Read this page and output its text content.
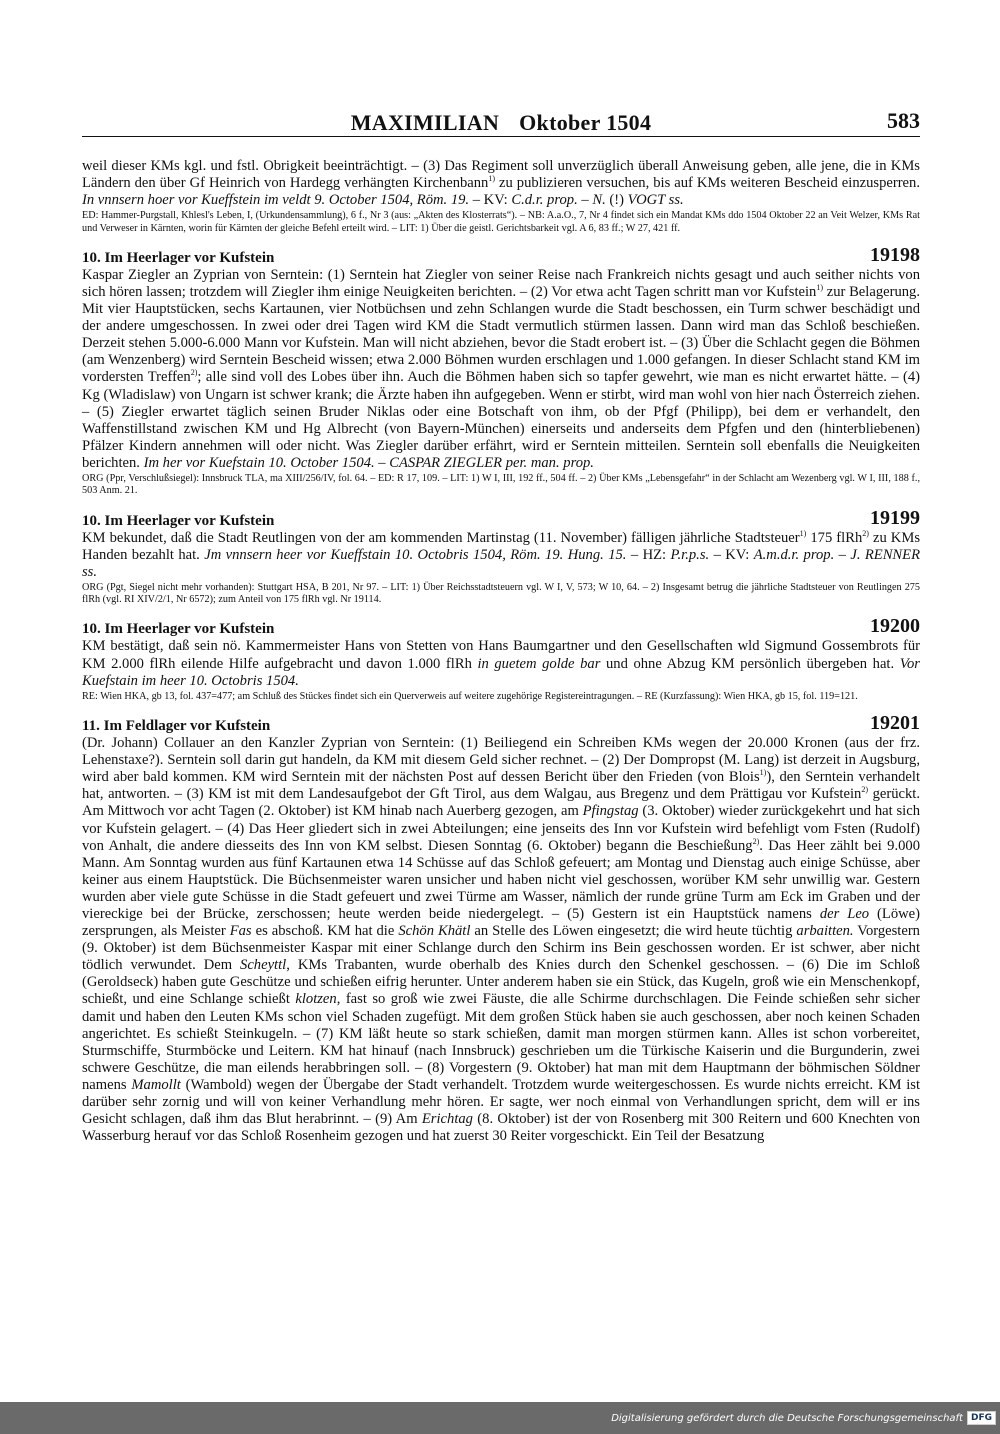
MAXIMILIAN Oktober 1504	583

weil dieser KMs kgl. und fstl. Obrigkeit beeinträchtigt. – (3) Das Regiment soll unverzüglich überall Anweisung geben, alle jene, die in KMs Ländern den über Gf Heinrich von Hardegg verhängten Kirchenbann$^{1)}$ zu publizieren versuchen, bis auf KMs weiteren Bescheid einzusperren. In vnnsern hoer vor Kueffstein im veldt 9. October 1504, Röm. 19. – KV: C.d.r. prop. – N. (!) VOGT ss.

ED: Hammer-Purgstall, Khlesl's Leben, I, (Urkundensammlung), 6 f., Nr 3 (aus: „Akten des Klosterrats“). – NB: A.a.O., 7, Nr 4 findet sich ein Mandat KMs ddo 1504 Oktober 22 an Veit Welzer, KMs Rat und Verweser in Kärnten, worin für Kärnten der gleiche Befehl erteilt wird. – LIT: 1) Über die geistl. Gerichtsbarkeit vgl. A 6, 83 ff.; W 27, 421 ff.

10. Im Heerlager vor Kufstein	19198

Kaspar Ziegler an Zyprian von Serntein: (1) Serntein hat Ziegler von seiner Reise nach Frankreich nichts gesagt und auch seither nichts von sich hören lassen; trotzdem will Ziegler ihm einige Neuigkeiten berichten. – (2) Vor etwa acht Tagen schritt man vor Kufstein$^{1)}$ zur Belagerung. Mit vier Hauptstücken, sechs Kartaunen, vier Notbüchsen und zehn Schlangen wurde die Stadt beschossen, ein Turm schwer beschädigt und der andere umgeschossen. In zwei oder drei Tagen wird KM die Stadt vermutlich stürmen lassen. Dann wird man das Schloß beschießen. Derzeit stehen 5.000-6.000 Mann vor Kufstein. Man will nicht abziehen, bevor die Stadt erobert ist. – (3) Über die Schlacht gegen die Böhmen (am Wenzenberg) wird Serntein Bescheid wissen; etwa 2.000 Böhmen wurden erschlagen und 1.000 gefangen. In dieser Schlacht stand KM im vordersten Treffen$^{2)}$; alle sind voll des Lobes über ihn. Auch die Böhmen haben sich so tapfer gewehrt, wie man es nicht erwartet hätte. – (4) Kg (Wladislaw) von Ungarn ist schwer krank; die Ärzte haben ihn aufgegeben. Wenn er stirbt, wird man wohl von hier nach Österreich ziehen. – (5) Ziegler erwartet täglich seinen Bruder Niklas oder eine Botschaft von ihm, ob der Pfgf (Philipp), bei dem er verhandelt, den Waffenstillstand zwischen KM und Hg Albrecht (von Bayern-München) einerseits und anderseits dem Pfgfen und den (hinterbliebenen) Pfälzer Kindern annehmen will oder nicht. Was Ziegler darüber erfährt, wird er Serntein mitteilen. Serntein soll ebenfalls die Neuigkeiten berichten. Im her vor Kuefstain 10. October 1504. – CASPAR ZIEGLER per. man. prop.

ORG (Ppr, Verschlußsiegel): Innsbruck TLA, ma XIII/256/IV, fol. 64. – ED: R 17, 109. – LIT: 1) W I, III, 192 ff., 504 ff. – 2) Über KMs „Lebensgefahr“ in der Schlacht am Wezenberg vgl. W I, III, 188 f., 503 Anm. 21.

10. Im Heerlager vor Kufstein	19199

KM bekundet, daß die Stadt Reutlingen von der am kommenden Martinstag (11. November) fälligen jährliche Stadtsteuer$^{1)}$ 175 flRh$^{2)}$ zu KMs Handen bezahlt hat. Jm vnnsern heer vor Kueffstain 10. Octobris 1504, Röm. 19. Hung. 15. – HZ: P.r.p.s. – KV: A.m.d.r. prop. – J. RENNER ss.

ORG (Pgt, Siegel nicht mehr vorhanden): Stuttgart HSA, B 201, Nr 97. – LIT: 1) Über Reichsstadtsteuern vgl. W I, V, 573; W 10, 64. – 2) Insgesamt betrug die jährliche Stadtsteuer von Reutlingen 275 flRh (vgl. RI XIV/2/1, Nr 6572); zum Anteil von 175 flRh vgl. Nr 19114.

10. Im Heerlager vor Kufstein	19200

KM bestätigt, daß sein nö. Kammermeister Hans von Stetten von Hans Baumgartner und den Gesellschaften wld Sigmund Gossembrots für KM 2.000 flRh eilende Hilfe aufgebracht und davon 1.000 flRh in guetem golde bar und ohne Abzug KM persönlich übergeben hat. Vor Kuefstain im heer 10. Octobris 1504.

RE: Wien HKA, gb 13, fol. 437=477; am Schluß des Stückes findet sich ein Querverweis auf weitere zugehörige Registereintragungen. – RE (Kurzfassung): Wien HKA, gb 15, fol. 119=121.

11. Im Feldlager vor Kufstein	19201

(Dr. Johann) Collauer an den Kanzler Zyprian von Serntein: (1) Beiliegend ein Schreiben KMs wegen der 20.000 Kronen (aus der frz. Lehenstaxe?). Serntein soll darin gut handeln, da KM mit diesem Geld sicher rechnet. – (2) Der Dompropst (M. Lang) ist derzeit in Augsburg, wird aber bald kommen. KM wird Serntein mit der nächsten Post auf dessen Bericht über den Frieden (von Blois$^{1)}$), den Serntein verhandelt hat, antworten. – (3) KM ist mit dem Landesaufgebot der Gft Tirol, aus dem Walgau, aus Bregenz und dem Prättigau vor Kufstein$^{2)}$ gerückt. Am Mittwoch vor acht Tagen (2. Oktober) ist KM hinab nach Auerberg gezogen, am Pfingstag (3. Oktober) wieder zurückgekehrt und hat sich vor Kufstein gelagert. – (4) Das Heer gliedert sich in zwei Abteilungen; eine jenseits des Inn vor Kufstein wird befehligt vom Fsten (Rudolf) von Anhalt, die andere diesseits des Inn von KM selbst. Diesen Sonntag (6. Oktober) begann die Beschießung$^{2)}$. Das Heer zählt bei 9.000 Mann. Am Sonntag wurden aus fünf Kartaunen etwa 14 Schüsse auf das Schloß gefeuert; am Montag und Dienstag auch einige Schüsse, aber keiner aus einem Hauptstück. Die Büchsenmeister waren unsicher und haben nicht viel geschossen, worüber KM sehr unwillig war. Gestern wurden aber viele gute Schüsse in die Stadt gefeuert und zwei Türme am Wasser, nämlich der runde grüne Turm am Eck im Graben und der viereckige bei der Brücke, zerschossen; heute werden beide niedergelegt. – (5) Gestern ist ein Hauptstück namens der Leo (Löwe) zersprungen, als Meister Fas es abschoß. KM hat die Schön Khätl an Stelle des Löwen eingesetzt; die wird heute tüchtig arbaitten. Vorgestern (9. Oktober) ist dem Büchsenmeister Kaspar mit einer Schlange durch den Schirm ins Bein geschossen worden. Er ist schwer, aber nicht tödlich verwundet. Dem Scheyttl, KMs Trabanten, wurde oberhalb des Knies durch den Schenkel geschossen. – (6) Die im Schloß (Geroldseck) haben gute Geschütze und schießen eifrig herunter. Unter anderem haben sie ein Stück, das Kugeln, groß wie ein Menschenkopf, schießt, und eine Schlange schießt klotzen, fast so groß wie zwei Fäuste, die alle Schirme durchschlagen. Die Feinde schießen sehr sicher damit und haben den Leuten KMs schon viel Schaden zugefügt. Mit dem großen Stück haben sie auch geschossen, aber noch keinen Schaden angerichtet. Es schießt Steinkugeln. – (7) KM läßt heute so stark schießen, damit man morgen stürmen kann. Alles ist schon vorbereitet, Sturmschiffe, Sturmböcke und Leitern. KM hat hinauf (nach Innsbruck) geschrieben um die Türkische Kaiserin und die Burgunderin, zwei schwere Geschütze, die man eilends herabbringen soll. – (8) Vorgestern (9. Oktober) hat man mit dem Hauptmann der böhmischen Söldner namens Mamollt (Wambold) wegen der Übergabe der Stadt verhandelt. Trotzdem wurde weitergeschossen. Es wurde nichts erreicht. KM ist darüber sehr zornig und will von keiner Verhandlung mehr hören. Er sagte, wer noch einmal von Verhandlungen spricht, dem will er ins Gesicht schlagen, daß ihm das Blut herabrinnt. – (9) Am Erichtag (8. Oktober) ist der von Rosenberg mit 300 Reitern und 600 Knechten von Wasserburg herauf vor das Schloß Rosenheim gezogen und hat zuerst 30 Reiter vorgeschickt. Ein Teil der Besatzung

Digitalisierung gefördert durch die Deutsche Forschungsgemeinschaft DFG
